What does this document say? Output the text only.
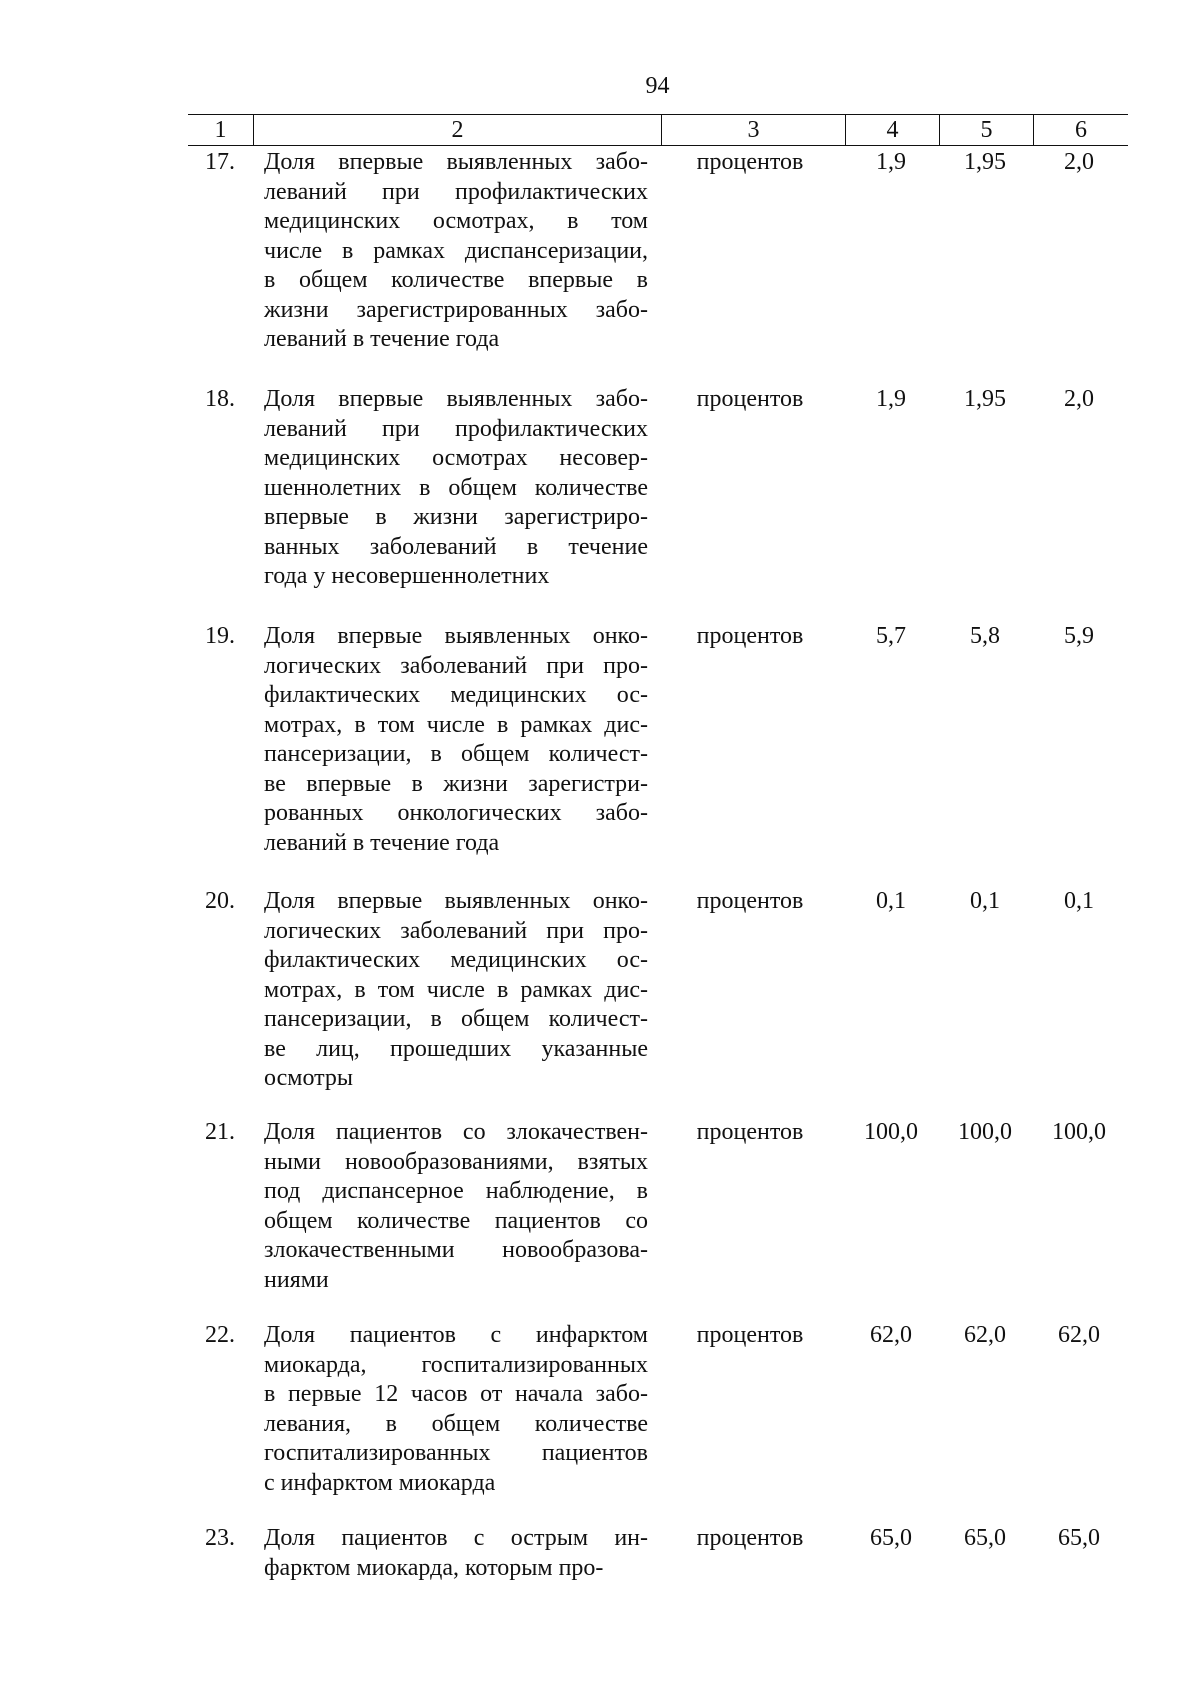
94
1	2	3	4	5	6
17. Доля впервые выявленных забо-
леваний при профилактических
медицинских осмотрах, в том
числе в рамках диспансеризации,
в общем количестве впервые в
жизни зарегистрированных забо-
леваний в течение года
процентов	1,9	1,95	2,0
18. Доля впервые выявленных забо-
леваний при профилактических
медицинских осмотрах несовер-
шеннолетних в общем количестве
впервые в жизни зарегистриро-
ванных заболеваний в течение
года у несовершеннолетних
процентов	1,9	1,95	2,0
19. Доля впервые выявленных онко-
логических заболеваний при про-
филактических медицинских ос-
мотрах, в том числе в рамках дис-
пансеризации, в общем количест-
ве впервые в жизни зарегистри-
рованных онкологических забо-
леваний в течение года
процентов	5,7	5,8	5,9
20. Доля впервые выявленных онко-
логических заболеваний при про-
филактических медицинских ос-
мотрах, в том числе в рамках дис-
пансеризации, в общем количест-
ве лиц, прошедших указанные
осмотры
процентов	0,1	0,1	0,1
21. Доля пациентов со злокачествен-
ными новообразованиями, взятых
под диспансерное наблюдение, в
общем количестве пациентов со
злокачественными новообразова-
ниями
процентов	100,0	100,0	100,0
22. Доля пациентов с инфарктом
миокарда, госпитализированных
в первые 12 часов от начала забо-
левания, в общем количестве
госпитализированных пациентов
с инфарктом миокарда
процентов	62,0	62,0	62,0
23. Доля пациентов с острым ин-
фарктом миокарда, которым про-
процентов	65,0	65,0	65,0
